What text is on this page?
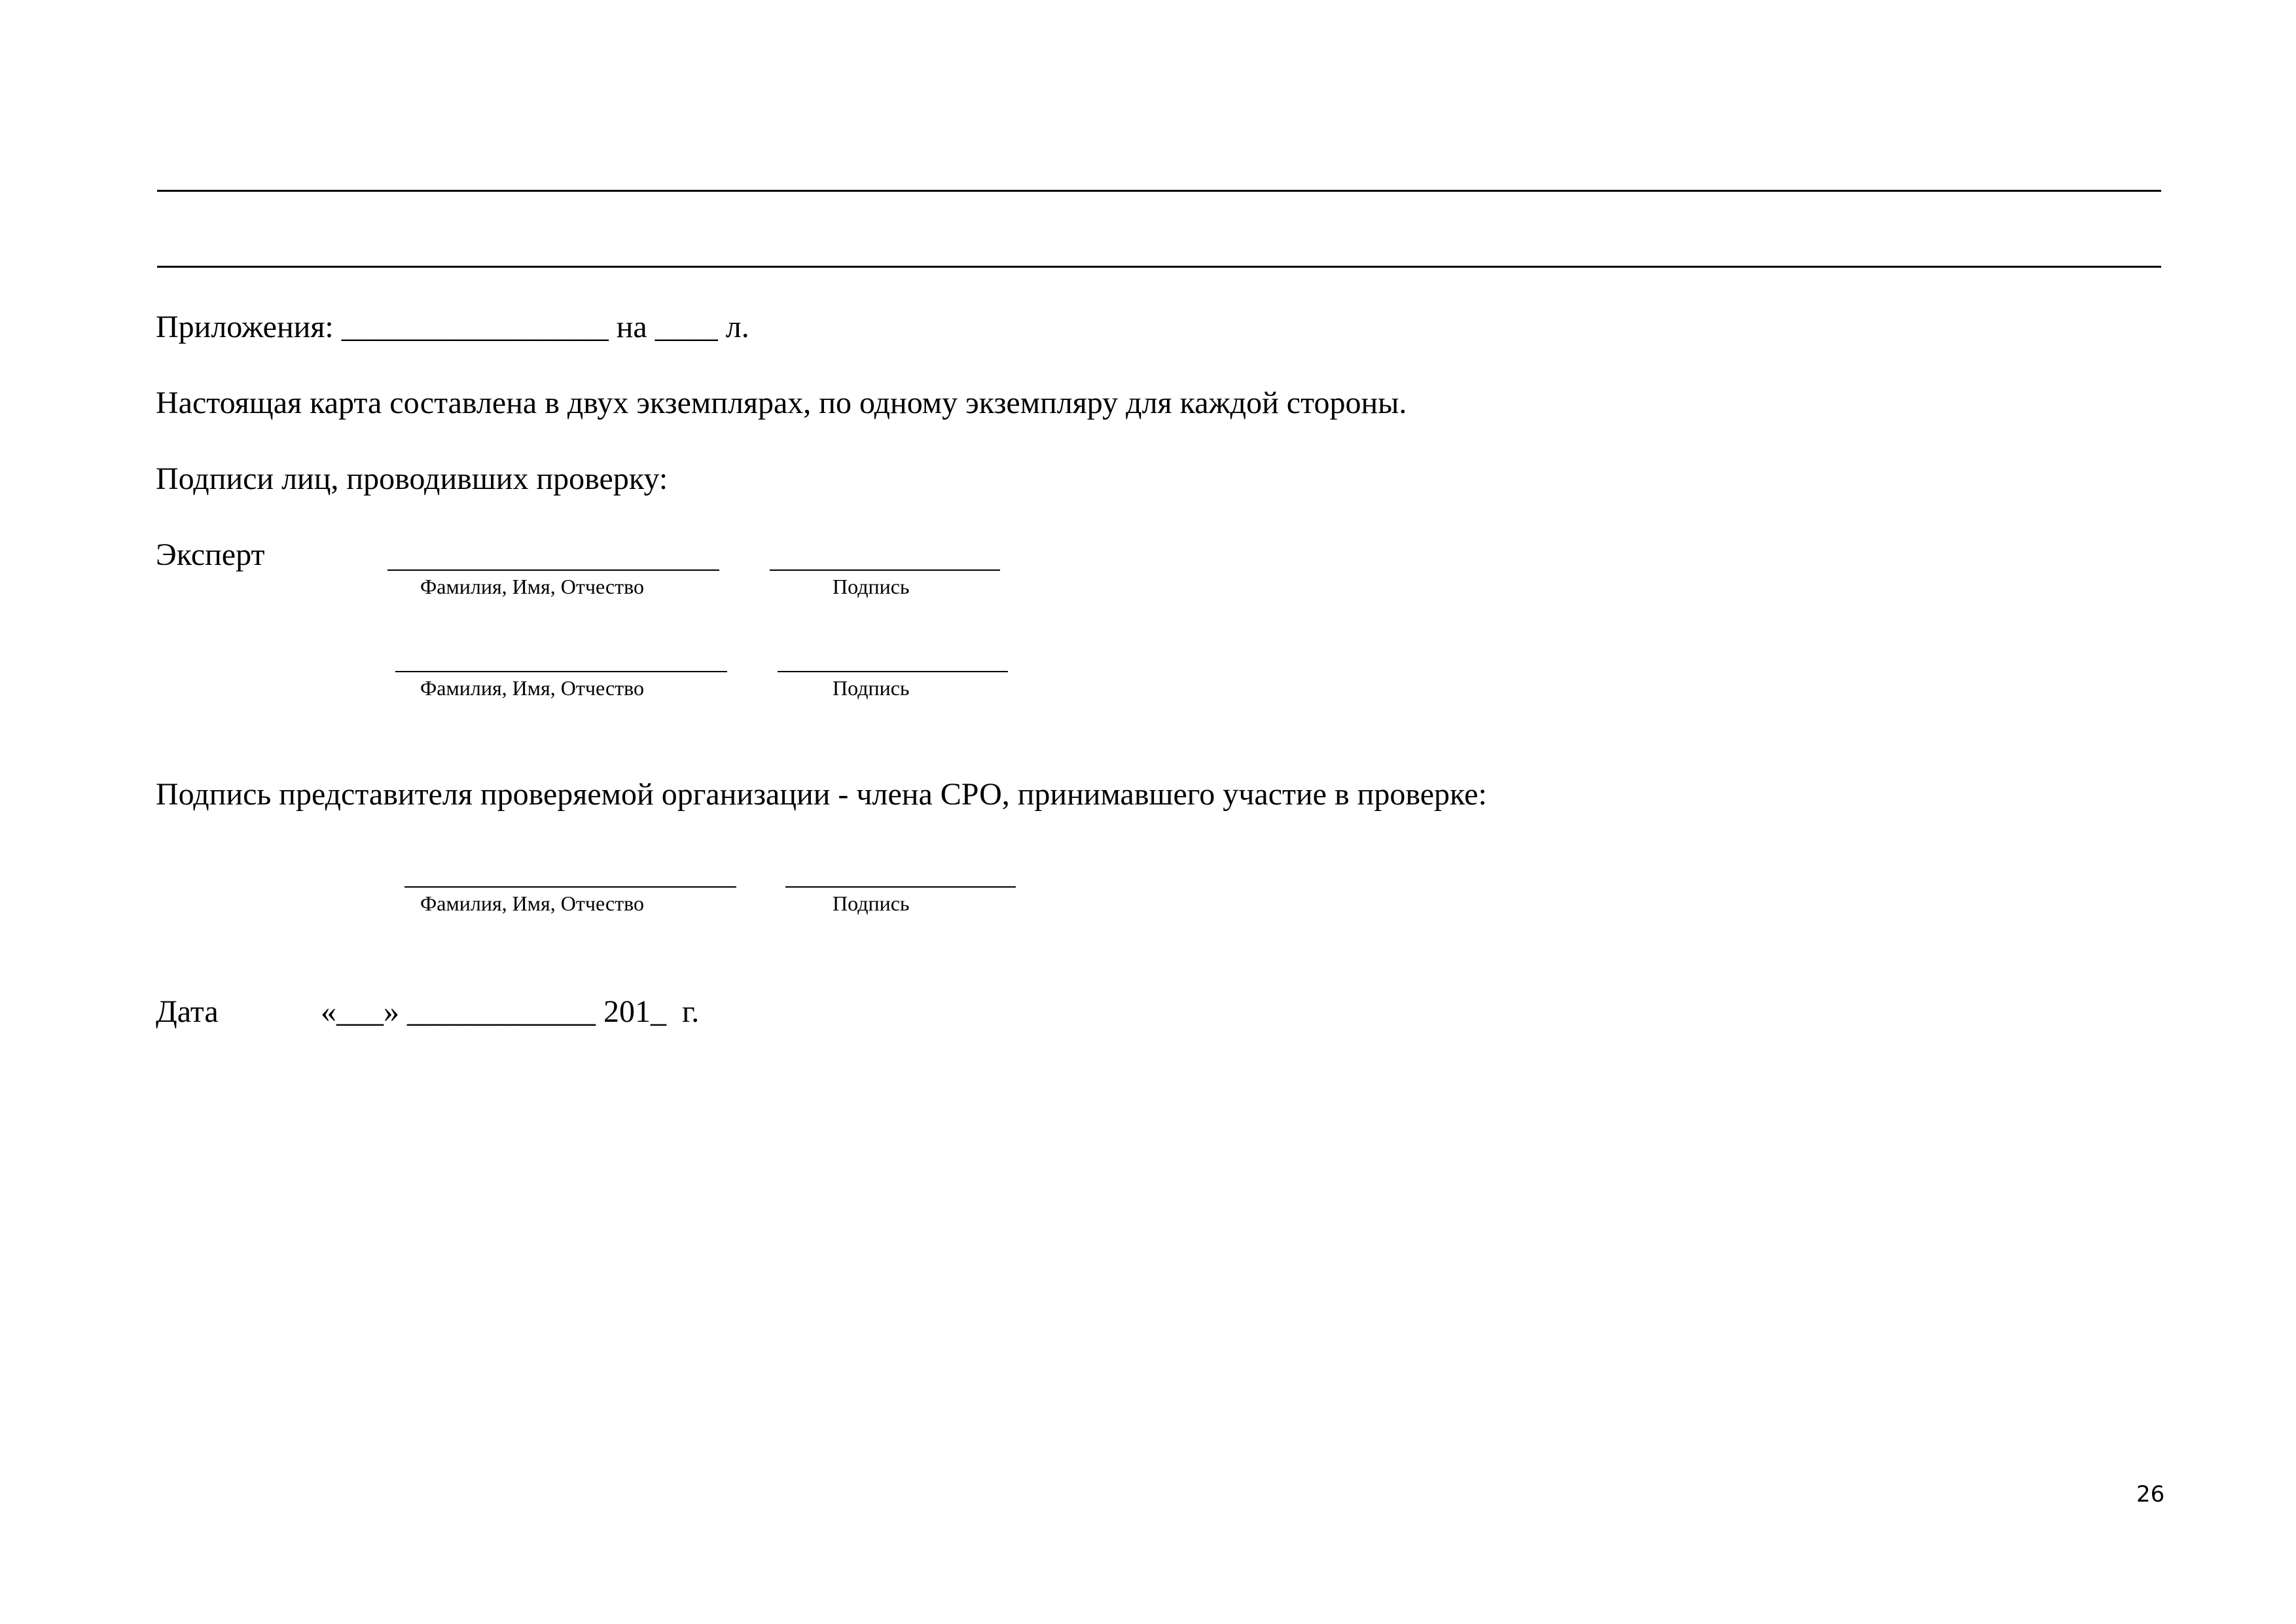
Приложения: _________________ на ____ л.
Настоящая карта составлена в двух экземплярах, по одному экземпляру для каждой стороны.
Подписи лиц, проводивших проверку:
Эксперт
Фамилия, Имя, Отчество	Подпись
Фамилия, Имя, Отчество	Подпись
Подпись представителя проверяемой организации - члена СРО, принимавшего участие в проверке:
Фамилия, Имя, Отчество	Подпись
Дата	«___» ____________ 201_  г.
26
